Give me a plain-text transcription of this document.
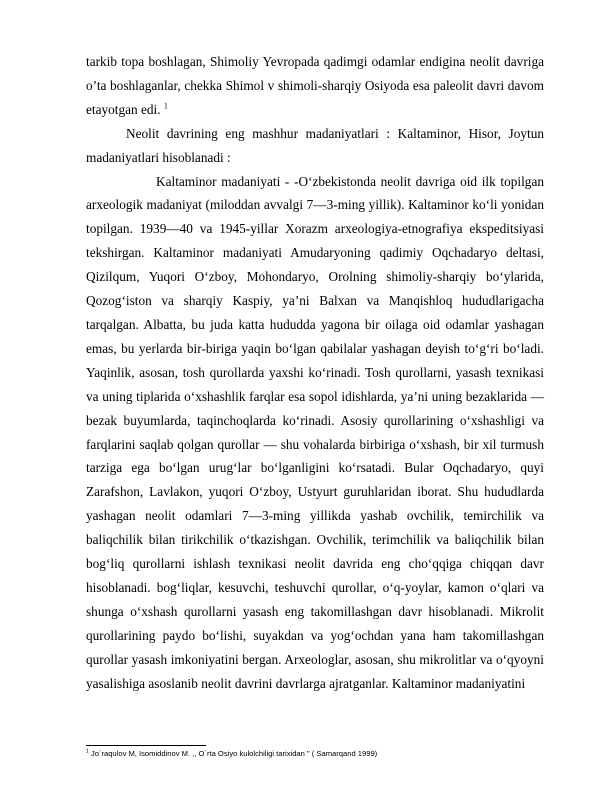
tarkib topa boshlagan, Shimoliy Yevropada qadimgi odamlar endigina neolit davriga o’ta boshlaganlar, chekka Shimol v shimoli-sharqiy Osiyoda esa paleolit davri davom etayotgan edi. $^1$

Neolit davrining eng mashhur madaniyatlari : Kaltaminor, Hisor, Joytun madaniyatlari hisoblanadi :

Kaltaminor madaniyati - -O‘zbekistonda neolit davriga oid ilk topilgan arxeologik madaniyat (miloddan avvalgi 7—3-ming yillik). Kaltaminor ko‘li yonidan topilgan. 1939—40 va 1945-yillar Xorazm arxeologiya-etnografiya ekspeditsiyasi tekshirgan. Kaltaminor madaniyati Amudaryoning qadimiy Oqchadaryo deltasi, Qizilqum, Yuqori O‘zboy, Mohondaryo, Orolning shimoliy-sharqiy bo‘ylarida, Qozog‘iston va sharqiy Kaspiy, ya’ni Balxan va Manqishloq hududlarigacha tarqalgan. Albatta, bu juda katta hududda yagona bir oilaga oid odamlar yashagan emas, bu yerlarda bir-biriga yaqin bo‘lgan qabilalar yashagan deyish to‘g‘ri bo‘ladi. Yaqinlik, asosan, tosh qurollarda yaxshi ko‘rinadi. Tosh qurollarni, yasash texnikasi va uning tiplarida o‘xshashlik farqlar esa sopol idishlarda, ya’ni uning bezaklarida — bezak buyumlarda, taqinchoqlarda ko‘rinadi. Asosiy qurollarining o‘xshashligi va farqlarini saqlab qolgan qurollar — shu vohalarda birbiriga o‘xshash, bir xil turmush tarziga ega bo‘lgan urug‘lar bo‘lganligini ko‘rsatadi. Bular Oqchadaryo, quyi Zarafshon, Lavlakon, yuqori O‘zboy, Ustyurt guruhlaridan iborat. Shu hududlarda yashagan neolit odamlari 7—3-ming yillikda yashab ovchilik, temirchilik va baliqchilik bilan tirikchilik o‘tkazishgan. Ovchilik, terimchilik va baliqchilik bilan bog‘liq qurollarni ishlash texnikasi neolit davrida eng cho‘qqiga chiqqan davr hisoblanadi. bog‘liqlar, kesuvchi, teshuvchi qurollar, o‘q-yoylar, kamon o‘qlari va shunga o‘xshash qurollarni yasash eng takomillashgan davr hisoblanadi. Mikrolit qurollarining paydo bo‘lishi, suyakdan va yog‘ochdan yana ham takomillashgan qurollar yasash imkoniyatini bergan. Arxeologlar, asosan, shu mikrolitlar va o‘qyoyni yasalishiga asoslanib neolit davrini davrlarga ajratganlar. Kaltaminor madaniyatini

$^1$ Jo`raqulov M, Isomiddinov M. ,, O`rta Osiyo kulolchiligi tarixidan " ( Samarqand 1999)
